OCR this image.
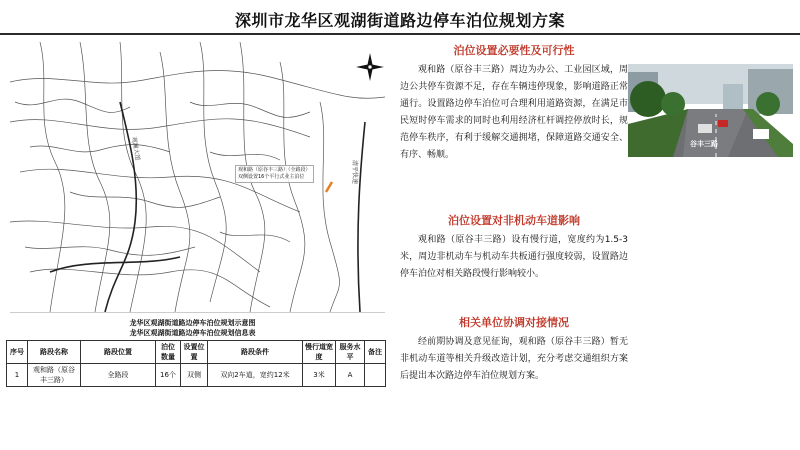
深圳市龙华区观湖街道路边停车泊位规划方案
清平快速
观澜大道
观和路（原谷丰三路）（全路段）
双侧设置16个平行式业主泊位
龙华区观湖街道路边停车泊位规划示意图
龙华区观湖街道路边停车泊位规划信息表
序号	路段名称	路段位置	泊位数量	设置位置	路段条件	慢行道宽度	服务水平	备注
1	观和路（原谷丰三路）	全路段	16个	双侧	双向2车道，宽约12米	3米	A	
泊位设置必要性及可行性
观和路（原谷丰三路）周边为办公、工业园区域，周边公共停车资源不足，存在车辆违停现象，影响道路正常通行。设置路边停车泊位可合理利用道路资源，在满足市民短时停车需求的同时也利用经济杠杆调控停放时长，规范停车秩序，有利于缓解交通拥堵，保障道路交通安全、有序、畅顺。
泊位设置对非机动车道影响
观和路（原谷丰三路）设有慢行道，宽度约为1.5-3米，周边非机动车与机动车共板通行强度较弱，设置路边停车泊位对相关路段慢行影响较小。
相关单位协调对接情况
经前期协调及意见征询，观和路（原谷丰三路）暂无非机动车道等相关升级改造计划，充分考虑交通组织方案后提出本次路边停车泊位规划方案。
谷丰三路
